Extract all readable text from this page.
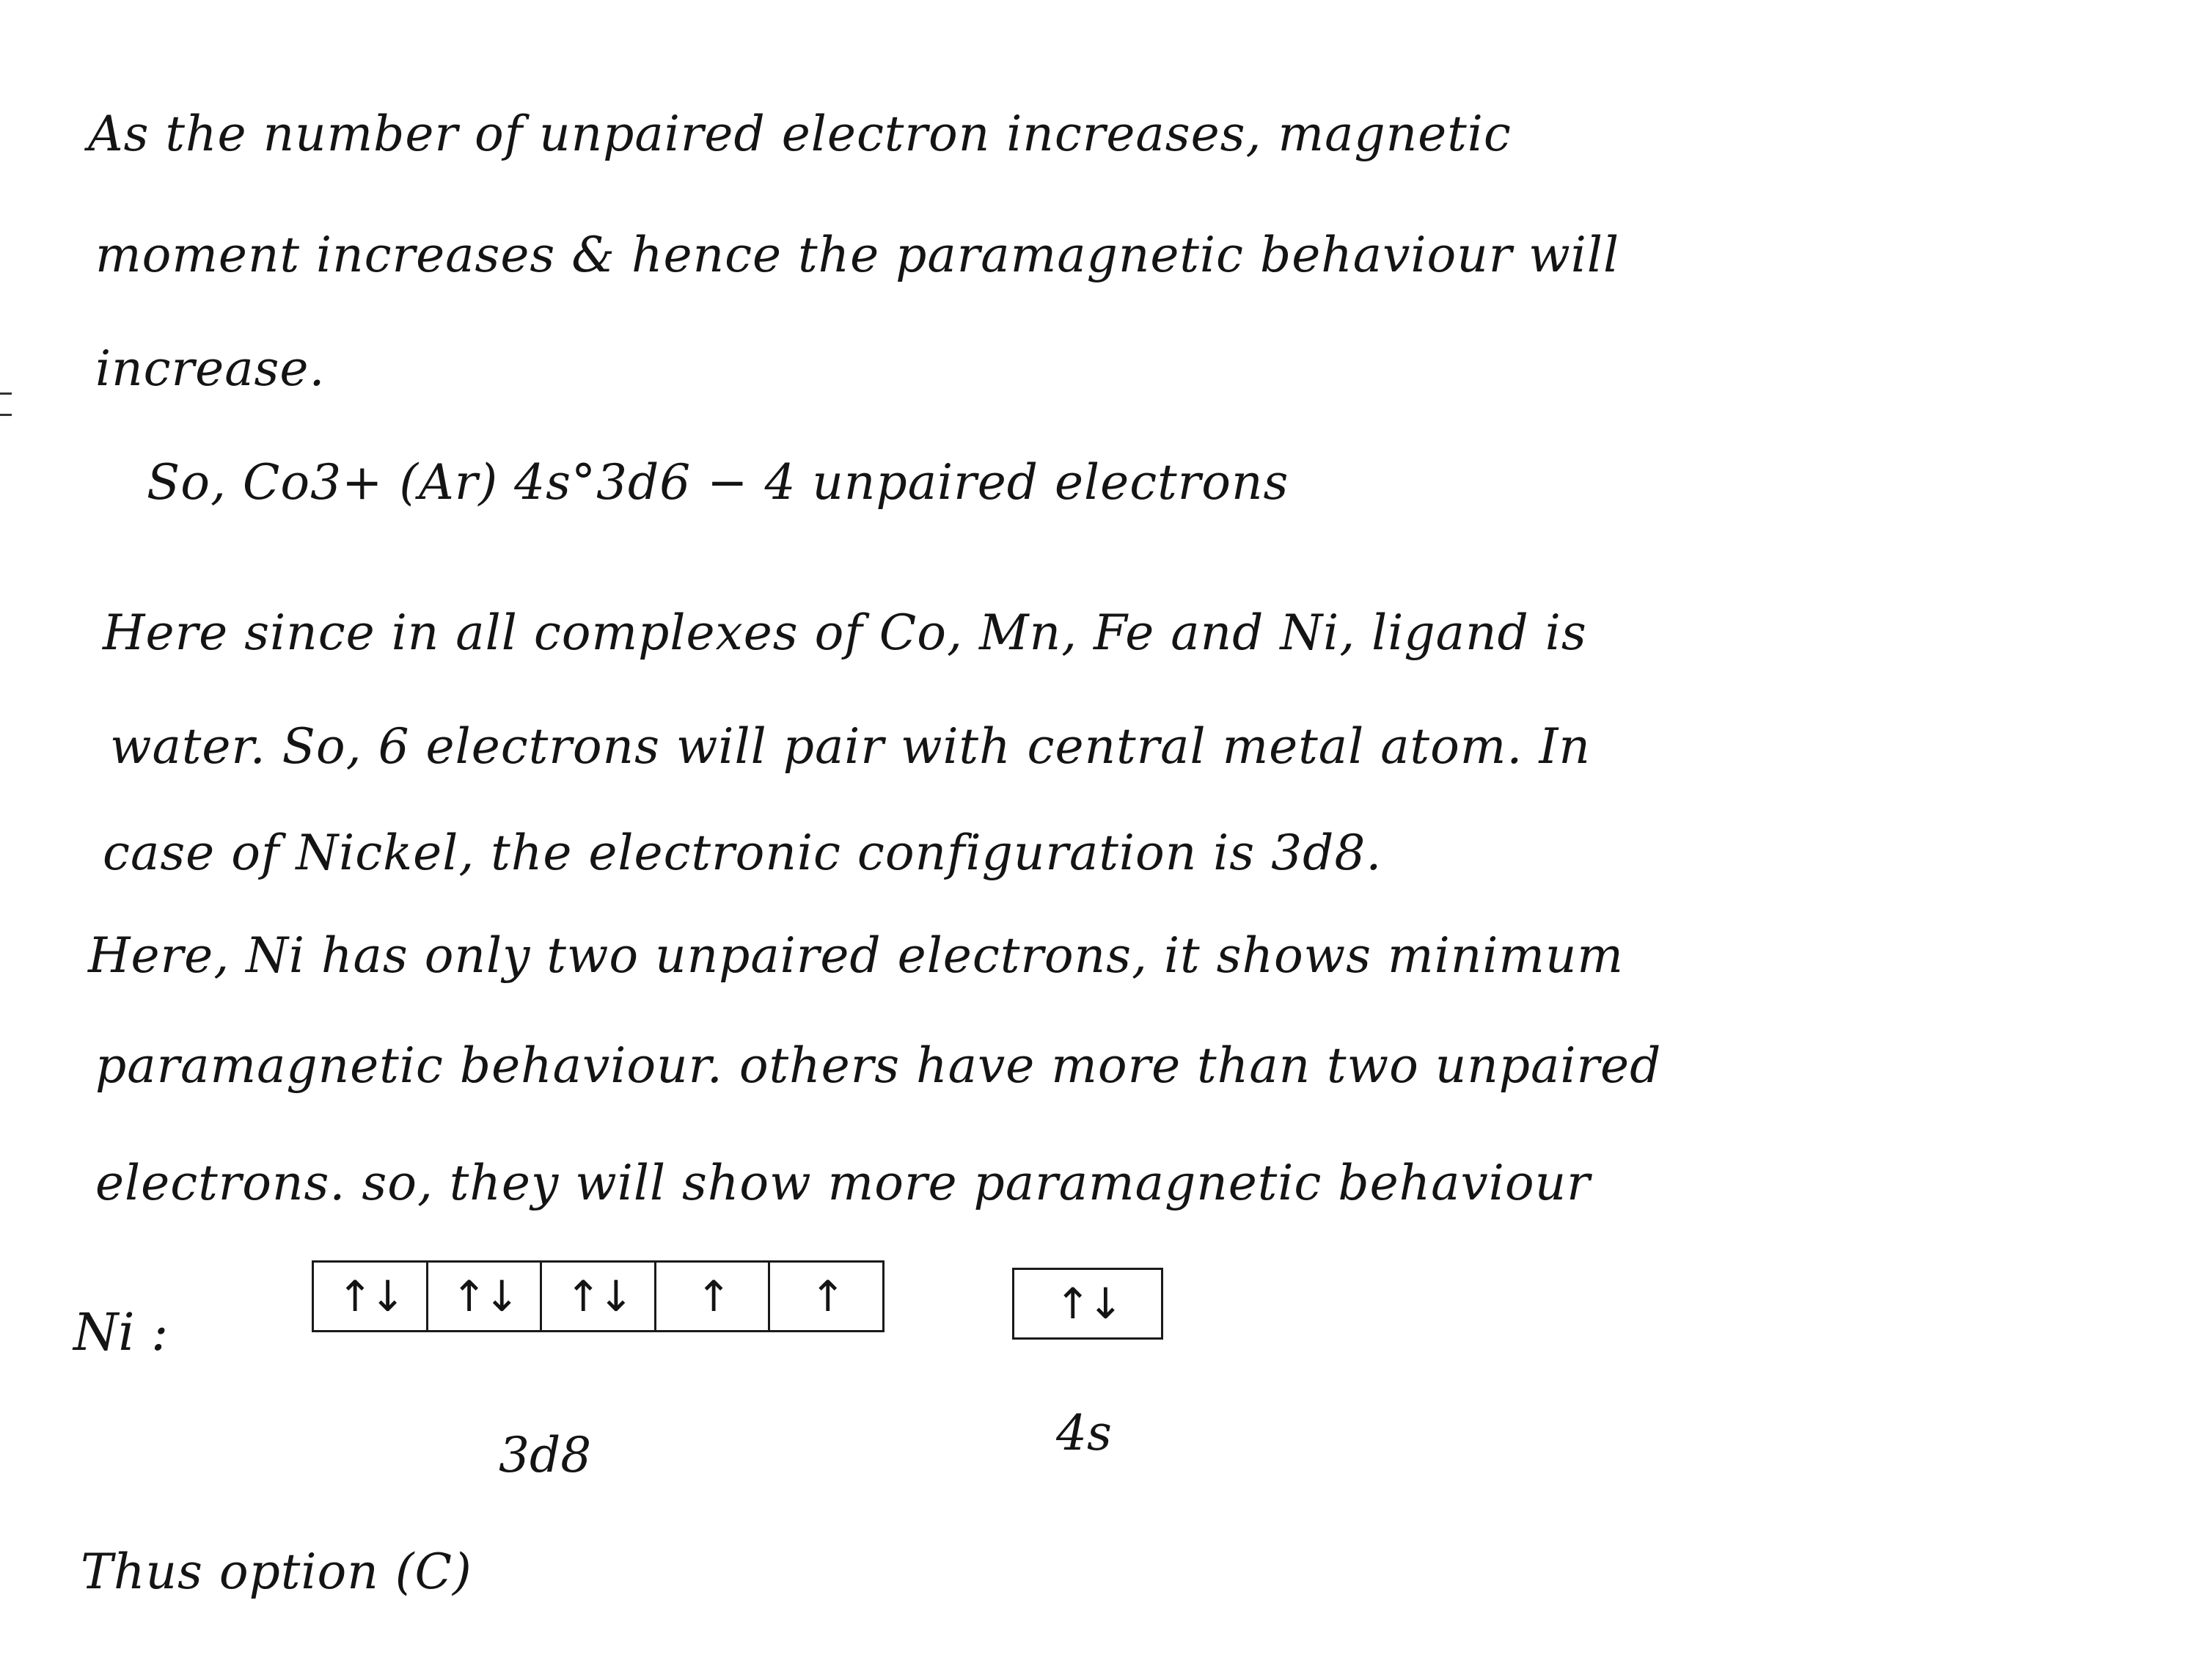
As the number of unpaired electron increases, magnetic
moment increases & hence the paramagnetic behaviour will
increase.
So, Co3+ (Ar) 4s°3d6 − 4 unpaired electrons
Here since in all complexes of Co, Mn, Fe and Ni, ligand is
water. So, 6 electrons will pair with central metal atom. In
case of Nickel, the electronic configuration is 3d8.
Here, Ni has only two unpaired electrons, it shows minimum
paramagnetic behaviour. others have more than two unpaired
electrons. so, they will show more paramagnetic behaviour
Ni :
↑↓	↑↓	↑↓	↑	↑	↑↓
3d8	4s
Thus option (C)
